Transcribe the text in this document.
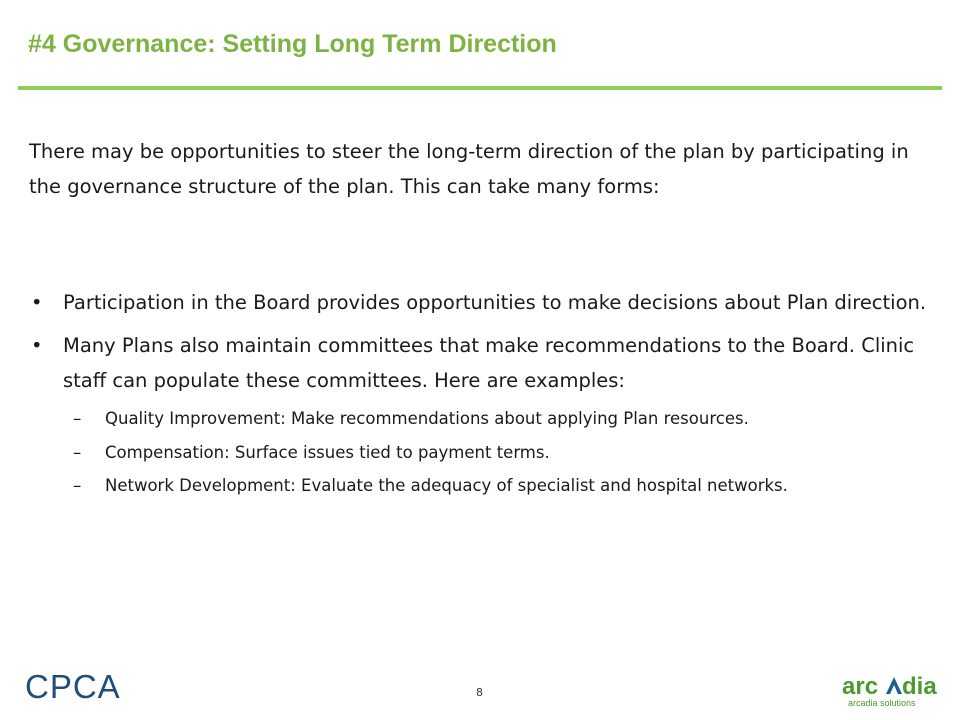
#4 Governance: Setting Long Term Direction

There may be opportunities to steer the long-term direction of the plan by participating in the governance structure of the plan. This can take many forms:

• Participation in the Board provides opportunities to make decisions about Plan direction.
• Many Plans also maintain committees that make recommendations to the Board. Clinic staff can populate these committees. Here are examples:
– Quality Improvement: Make recommendations about applying Plan resources.
– Compensation: Surface issues tied to payment terms.
– Network Development: Evaluate the adequacy of specialist and hospital networks.
CPCA	8	arc dia
arcadia solutions
